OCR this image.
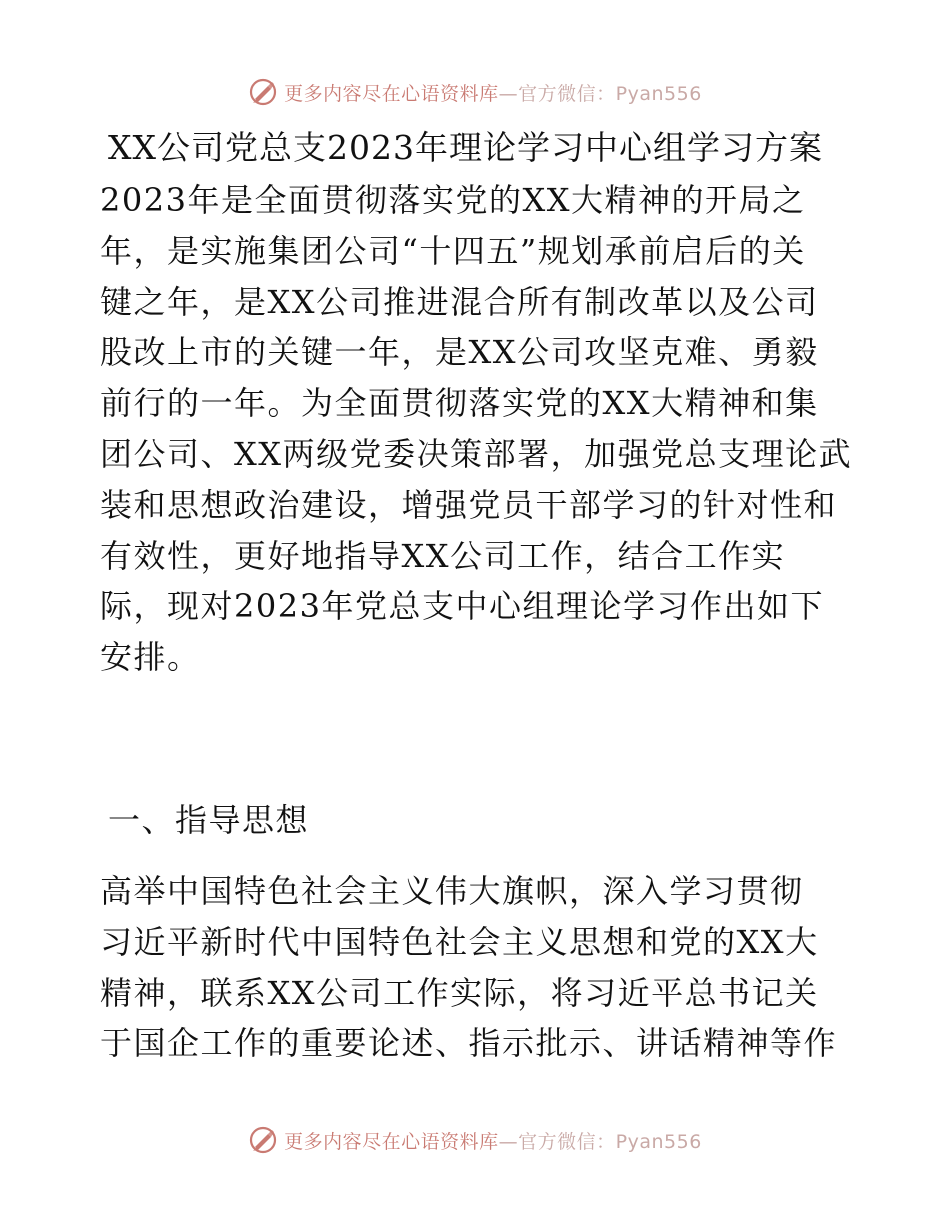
更多内容尽在心语资料库—官方微信：Pyan556
XX公司党总支2023年理论学习中心组学习方案
2023年是全面贯彻落实党的XX大精神的开局之
年，是实施集团公司“十四五”规划承前启后的关
键之年，是XX公司推进混合所有制改革以及公司
股改上市的关键一年，是XX公司攻坚克难、勇毅
前行的一年。为全面贯彻落实党的XX大精神和集
团公司、XX两级党委决策部署，加强党总支理论武
装和思想政治建设，增强党员干部学习的针对性和
有效性，更好地指导XX公司工作，结合工作实
际，现对2023年党总支中心组理论学习作出如下
安排。
一、指导思想
高举中国特色社会主义伟大旗帜，深入学习贯彻
习近平新时代中国特色社会主义思想和党的XX大
精神，联系XX公司工作实际，将习近平总书记关
于国企工作的重要论述、指示批示、讲话精神等作
更多内容尽在心语资料库—官方微信：Pyan556
